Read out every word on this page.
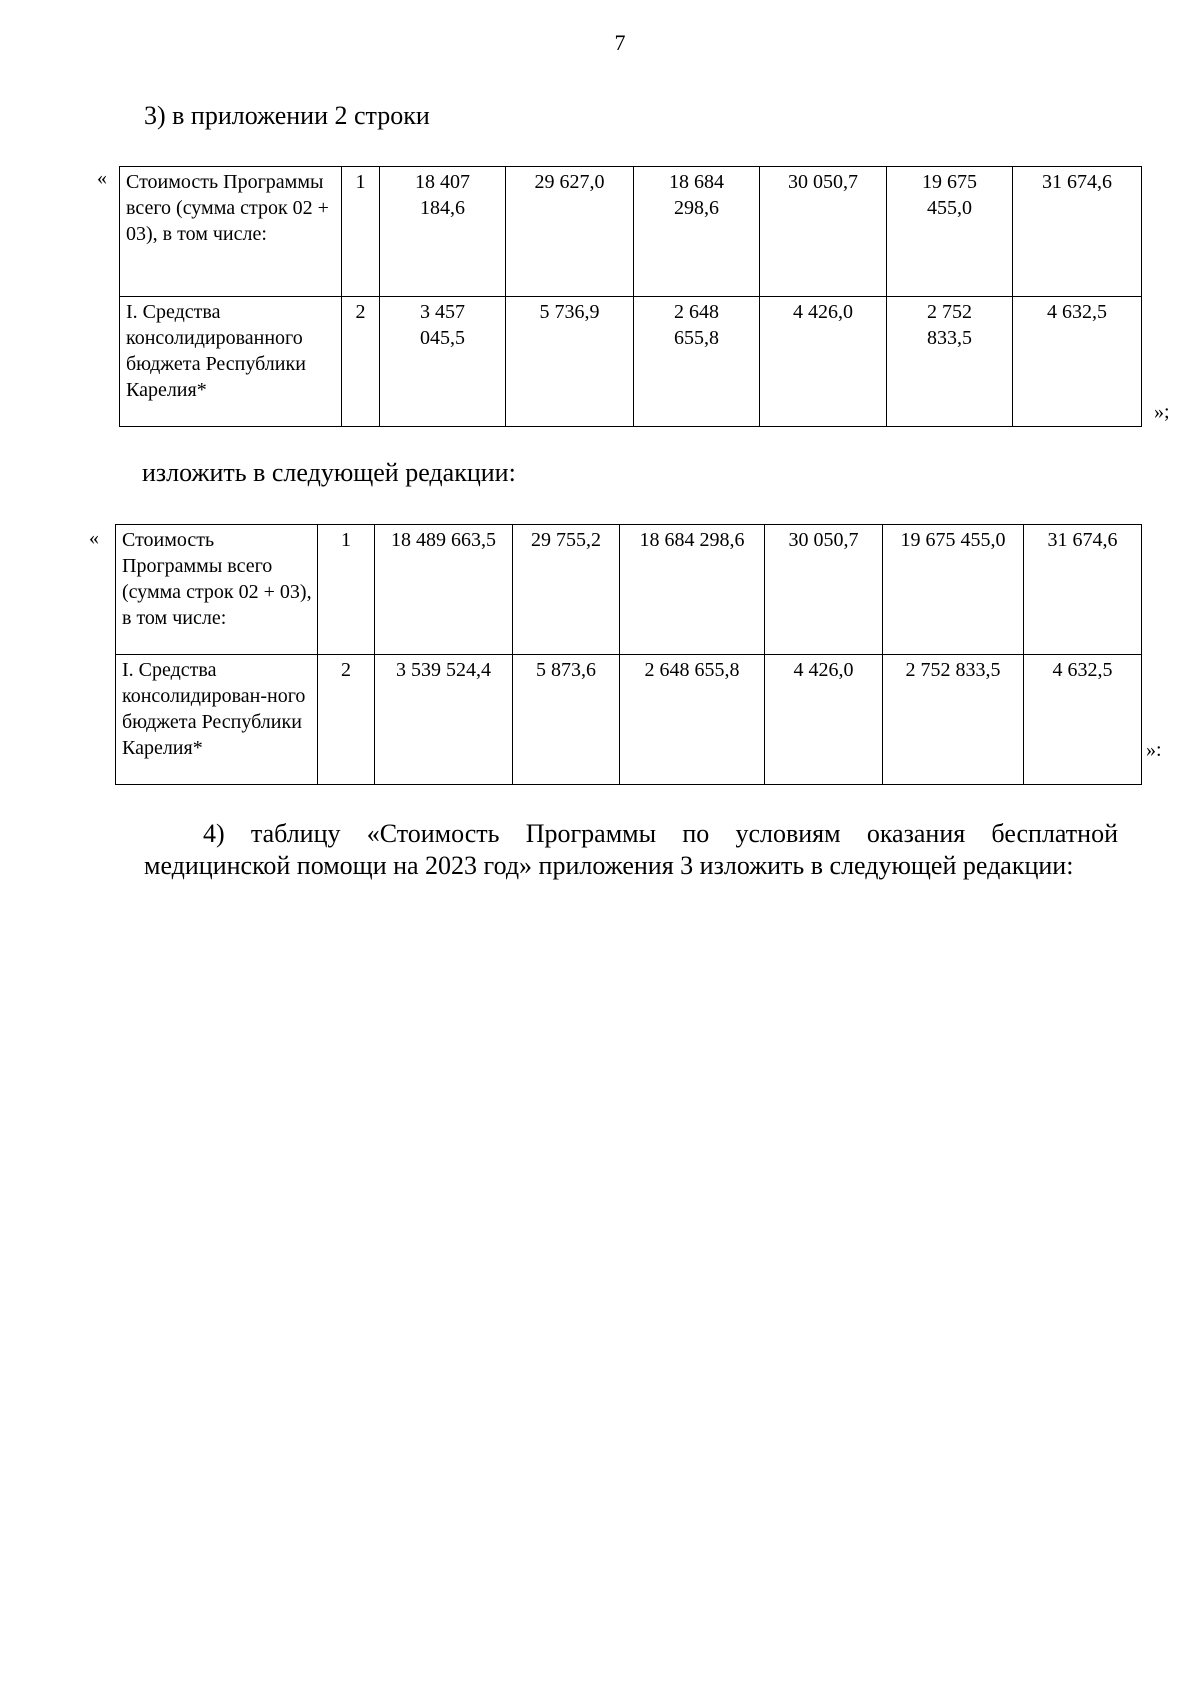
7
3) в приложении 2 строки
« Стоимость Программы всего (сумма строк 02 + 03), в том числе:	1	18 407 184,6	29 627,0	18 684 298,6	30 050,7	19 675 455,0	31 674,6
I. Средства консолидированного бюджета Республики Карелия*	2	3 457 045,5	5 736,9	2 648 655,8	4 426,0	2 752 833,5	4 632,5
»;
изложить в следующей редакции:
« Стоимость Программы всего (сумма строк 02 + 03), в том числе:	1	18 489 663,5	29 755,2	18 684 298,6	30 050,7	19 675 455,0	31 674,6
I. Средства консолидирован-ного бюджета Республики Карелия*	2	3 539 524,4	5 873,6	2 648 655,8	4 426,0	2 752 833,5	4 632,5
»:
4) таблицу «Стоимость Программы по условиям оказания бесплатной медицинской помощи на 2023 год» приложения 3 изложить в следующей редакции:
